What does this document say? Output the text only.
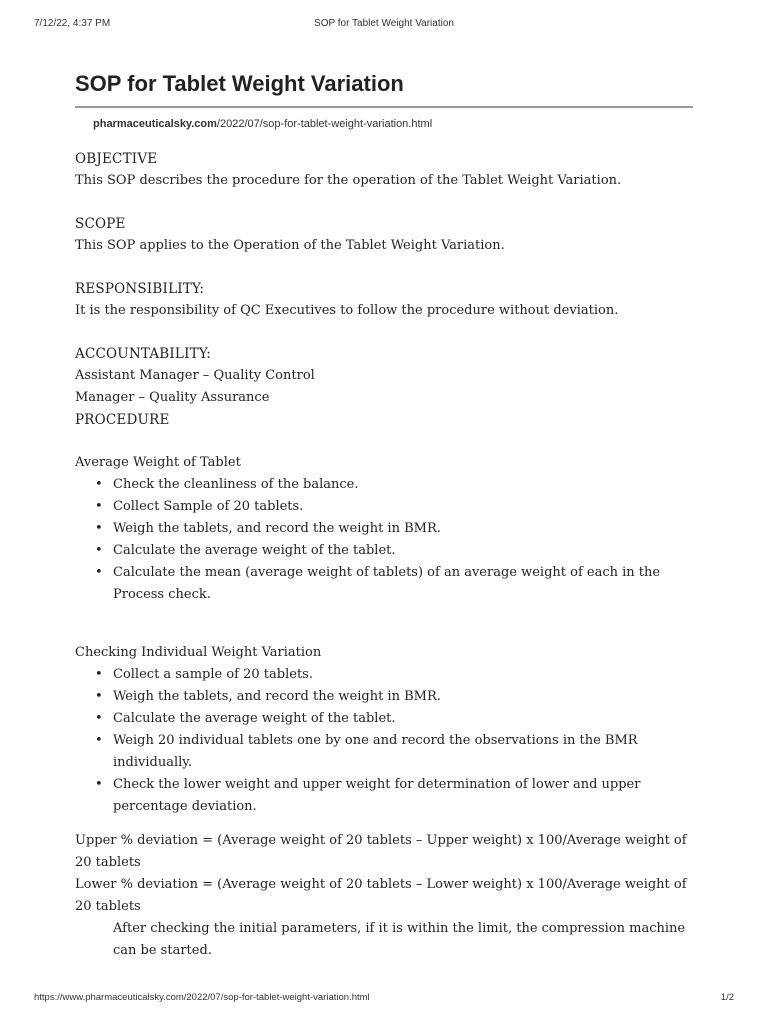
7/12/22, 4:37 PM	SOP for Tablet Weight Variation
SOP for Tablet Weight Variation
pharmaceuticalsky.com /2022/07/sop-for-tablet-weight-variation.html
OBJECTIVE

This SOP describes the procedure for the operation of the Tablet Weight Variation.

SCOPE

This SOP applies to the Operation of the Tablet Weight Variation.

RESPONSIBILITY:

It is the responsibility of QC Executives to follow the procedure without deviation.

ACCOUNTABILITY:

Assistant Manager – Quality Control

Manager – Quality Assurance

PROCEDURE

Average Weight of Tablet

• Check the cleanliness of the balance.
• Collect Sample of 20 tablets.
• Weigh the tablets, and record the weight in BMR.
• Calculate the average weight of the tablet.
• Calculate the mean (average weight of tablets) of an average weight of each in the Process check.

Checking Individual Weight Variation

• Collect a sample of 20 tablets.
• Weigh the tablets, and record the weight in BMR.
• Calculate the average weight of the tablet.
• Weigh 20 individual tablets one by one and record the observations in the BMR individually.
• Check the lower weight and upper weight for determination of lower and upper percentage deviation.

Upper % deviation = (Average weight of 20 tablets – Upper weight) x 100/Average weight of 20 tablets

Lower % deviation = (Average weight of 20 tablets – Lower weight) x 100/Average weight of 20 tablets

After checking the initial parameters, if it is within the limit, the compression machine can be started.

https://www.pharmaceuticalsky.com/2022/07/sop-for-tablet-weight-variation.html	1/2
